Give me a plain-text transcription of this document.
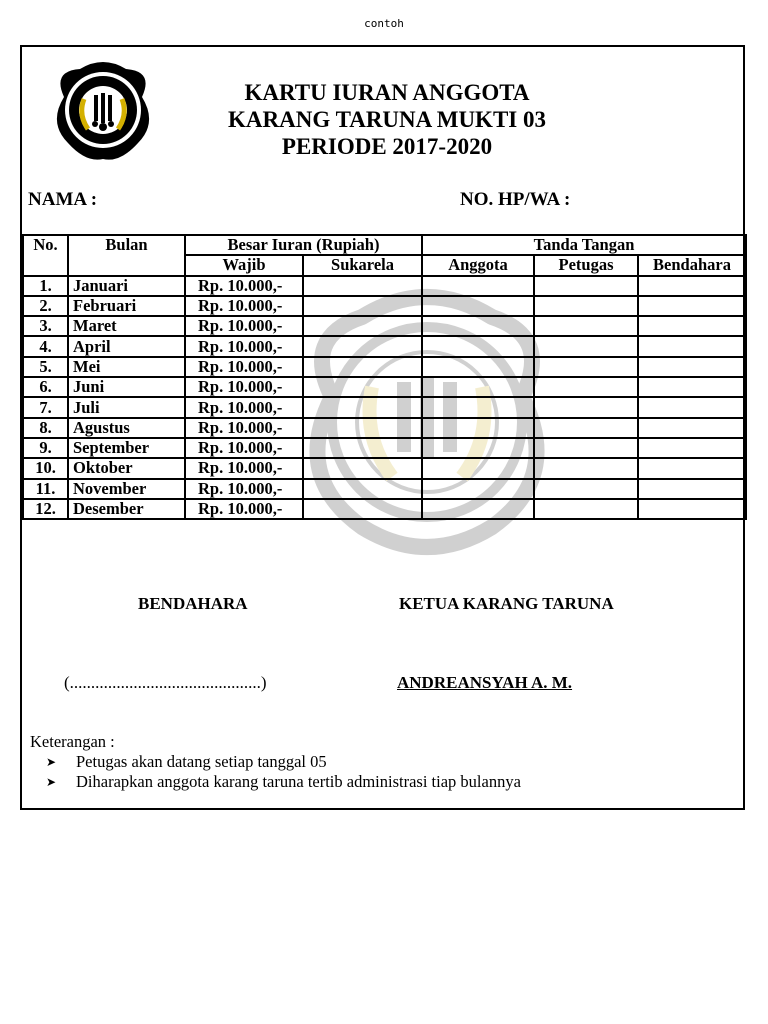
contoh
KARTU IURAN ANGGOTA
KARANG TARUNA MUKTI 03
PERIODE 2017-2020
NAMA :	NO. HP/WA :
No.	Bulan	Besar Iuran (Rupiah)		Tanda Tangan		
		Wajib	Sukarela	Anggota	Petugas	Bendahara
1.	Januari	Rp. 10.000,-				
2.	Februari	Rp. 10.000,-				
3.	Maret	Rp. 10.000,-				
4.	April	Rp. 10.000,-				
5.	Mei	Rp. 10.000,-				
6.	Juni	Rp. 10.000,-				
7.	Juli	Rp. 10.000,-				
8.	Agustus	Rp. 10.000,-				
9.	September	Rp. 10.000,-				
10.	Oktober	Rp. 10.000,-				
11.	November	Rp. 10.000,-				
12.	Desember	Rp. 10.000,-				
BENDAHARA	KETUA KARANG TARUNA
(.............................................)	ANDREANSYAH A. M.
Keterangan :
➤	Petugas akan datang setiap tanggal 05
➤	Diharapkan anggota karang taruna tertib administrasi tiap bulannya
